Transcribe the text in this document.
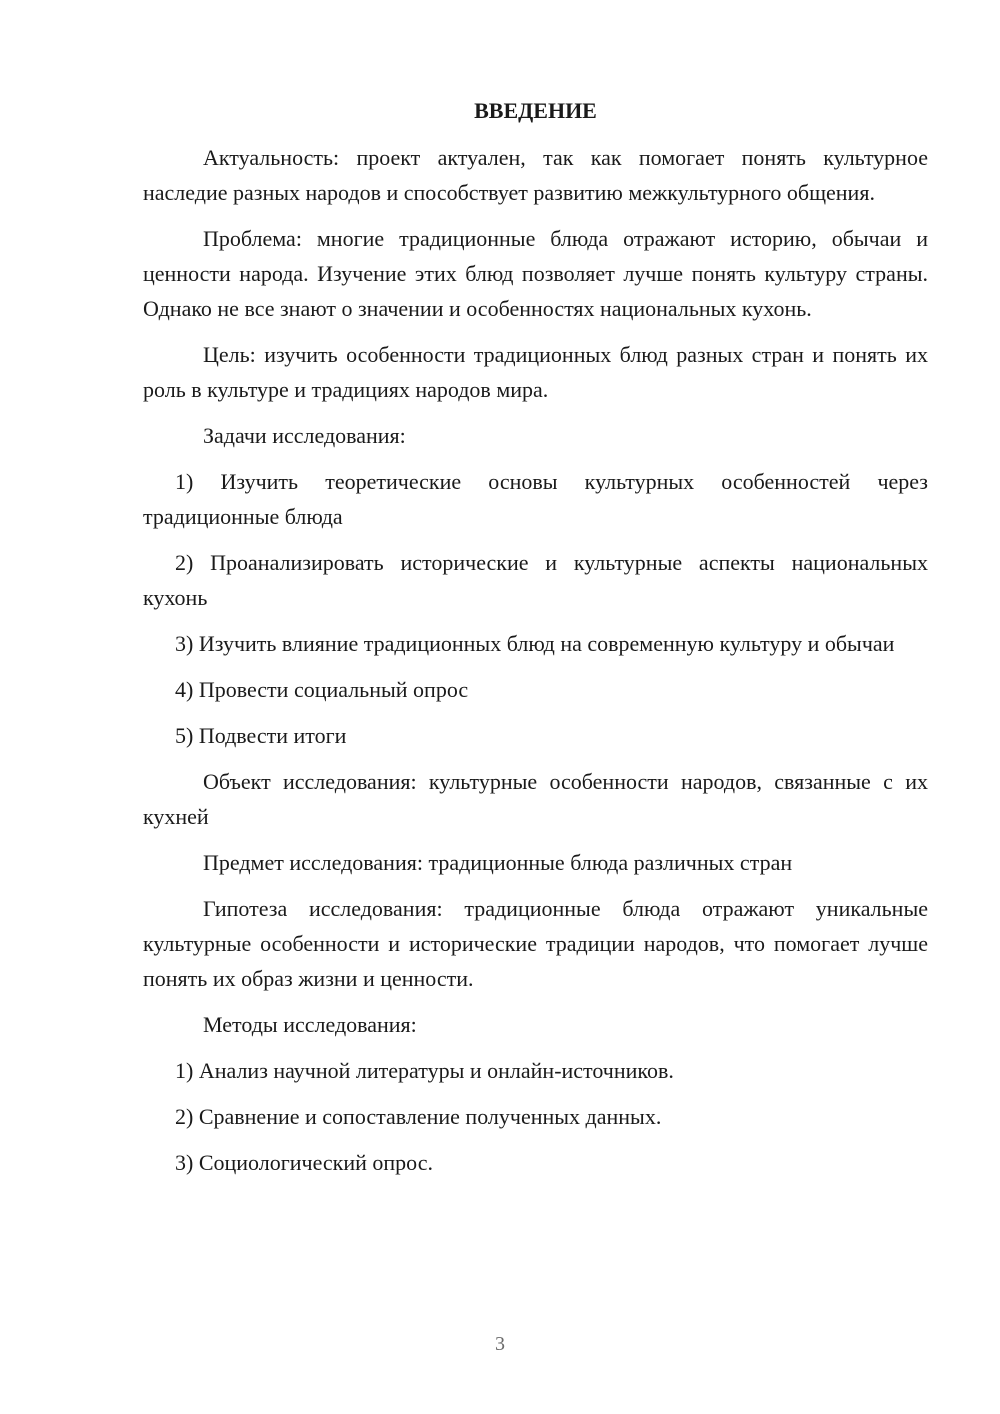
ВВЕДЕНИЕ

Актуальность: проект актуален, так как помогает понять культурное наследие разных народов и способствует развитию межкультурного общения.

Проблема: многие традиционные блюда отражают историю, обычаи и ценности народа. Изучение этих блюд позволяет лучше понять культуру страны. Однако не все знают о значении и особенностях национальных кухонь.

Цель: изучить особенности традиционных блюд разных стран и понять их роль в культуре и традициях народов мира.

Задачи исследования:

1) Изучить теоретические основы культурных особенностей через традиционные блюда

2) Проанализировать исторические и культурные аспекты национальных кухонь

3) Изучить влияние традиционных блюд на современную культуру и обычаи

4) Провести социальный опрос

5) Подвести итоги

Объект исследования: культурные особенности народов, связанные с их кухней

Предмет исследования: традиционные блюда различных стран

Гипотеза исследования: традиционные блюда отражают уникальные культурные особенности и исторические традиции народов, что помогает лучше понять их образ жизни и ценности.

Методы исследования:

1) Анализ научной литературы и онлайн-источников.

2) Сравнение и сопоставление полученных данных.

3) Социологический опрос.

3
